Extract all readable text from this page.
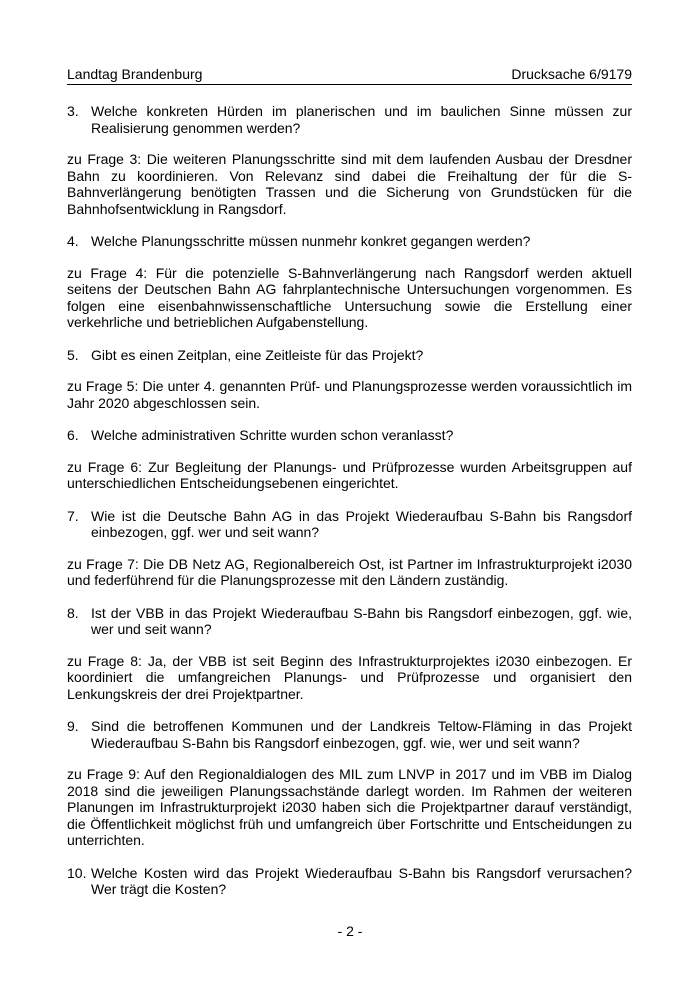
Landtag Brandenburg	Drucksache 6/9179
3. Welche konkreten Hürden im planerischen und im baulichen Sinne müssen zur Realisierung genommen werden?
zu Frage 3: Die weiteren Planungsschritte sind mit dem laufenden Ausbau der Dresdner Bahn zu koordinieren. Von Relevanz sind dabei die Freihaltung der für die S-Bahnverlängerung benötigten Trassen und die Sicherung von Grundstücken für die Bahnhofsentwicklung in Rangsdorf.
4. Welche Planungsschritte müssen nunmehr konkret gegangen werden?
zu Frage 4: Für die potenzielle S-Bahnverlängerung nach Rangsdorf werden aktuell seitens der Deutschen Bahn AG fahrplantechnische Untersuchungen vorgenommen. Es folgen eine eisenbahnwissenschaftliche Untersuchung sowie die Erstellung einer verkehrliche und betrieblichen Aufgabenstellung.
5. Gibt es einen Zeitplan, eine Zeitleiste für das Projekt?
zu Frage 5: Die unter 4. genannten Prüf- und Planungsprozesse werden voraussichtlich im Jahr 2020 abgeschlossen sein.
6. Welche administrativen Schritte wurden schon veranlasst?
zu Frage 6: Zur Begleitung der Planungs- und Prüfprozesse wurden Arbeitsgruppen auf unterschiedlichen Entscheidungsebenen eingerichtet.
7. Wie ist die Deutsche Bahn AG in das Projekt Wiederaufbau S-Bahn bis Rangsdorf einbezogen, ggf. wer und seit wann?
zu Frage 7: Die DB Netz AG, Regionalbereich Ost, ist Partner im Infrastrukturprojekt i2030 und federführend für die Planungsprozesse mit den Ländern zuständig.
8. Ist der VBB in das Projekt Wiederaufbau S-Bahn bis Rangsdorf einbezogen, ggf. wie, wer und seit wann?
zu Frage 8: Ja, der VBB ist seit Beginn des Infrastrukturprojektes i2030 einbezogen. Er koordiniert die umfangreichen Planungs- und Prüfprozesse und organisiert den Lenkungskreis der drei Projektpartner.
9. Sind die betroffenen Kommunen und der Landkreis Teltow-Fläming in das Projekt Wiederaufbau S-Bahn bis Rangsdorf einbezogen, ggf. wie, wer und seit wann?
zu Frage 9: Auf den Regionaldialogen des MIL zum LNVP in 2017 und im VBB im Dialog 2018 sind die jeweiligen Planungssachstände darlegt worden. Im Rahmen der weiteren Planungen im Infrastrukturprojekt i2030 haben sich die Projektpartner darauf verständigt, die Öffentlichkeit möglichst früh und umfangreich über Fortschritte und Entscheidungen zu unterrichten.
10. Welche Kosten wird das Projekt Wiederaufbau S-Bahn bis Rangsdorf verursachen? Wer trägt die Kosten?
- 2 -
